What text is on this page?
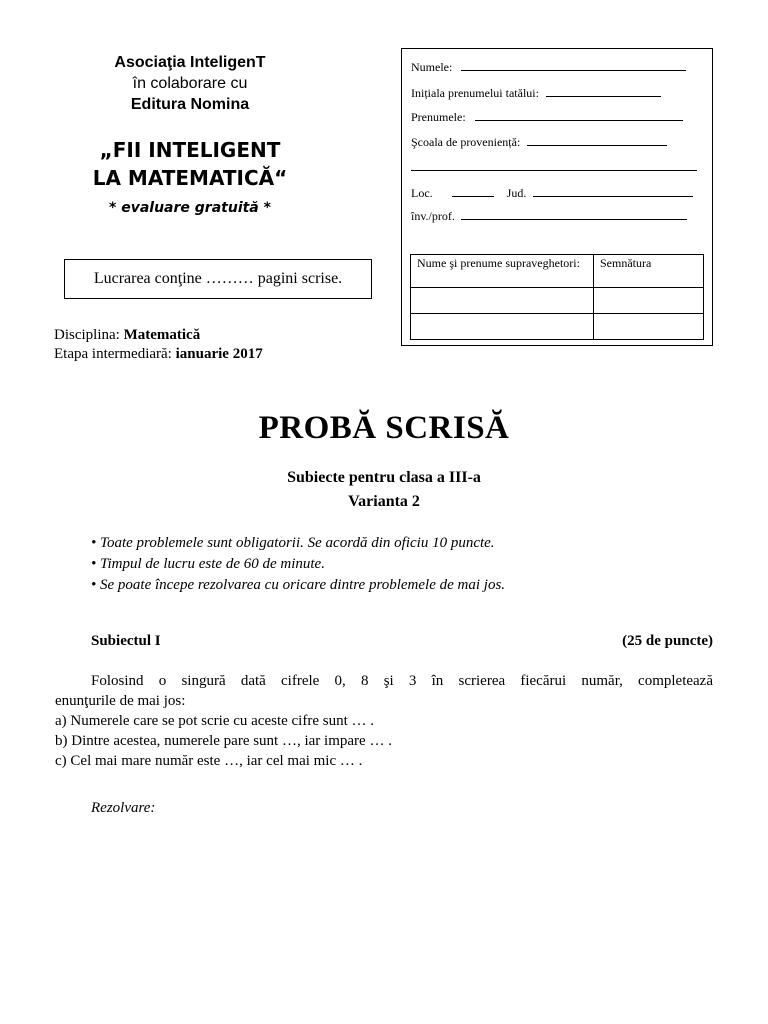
Asociaţia InteligenT
în colaborare cu
Editura Nomina
„FII INTELIGENT
LA MATEMATICĂ“
* evaluare gratuită *
Lucrarea conţine ……… pagini scrise.
Disciplina: Matematică
Etapa intermediară: ianuarie 2017
Numele:
Inițiala prenumelui tatălui:
Prenumele:
Şcoala de proveniență:
Loc.	Jud.
înv./prof.
Nume şi prenume supraveghetori:	Semnătura

PROBĂ SCRISĂ
Subiecte pentru clasa a III-a
Varianta 2
• Toate problemele sunt obligatorii. Se acordă din oficiu 10 puncte.
• Timpul de lucru este de 60 de minute.
• Se poate începe rezolvarea cu oricare dintre problemele de mai jos.
Subiectul I	(25 de puncte)

Folosind o singură dată cifrele 0, 8 şi 3 în scrierea fiecărui număr, completează

enunţurile de mai jos:

a) Numerele care se pot scrie cu aceste cifre sunt … .

b) Dintre acestea, numerele pare sunt …, iar impare … .

c) Cel mai mare număr este …, iar cel mai mic … .

Rezolvare:
